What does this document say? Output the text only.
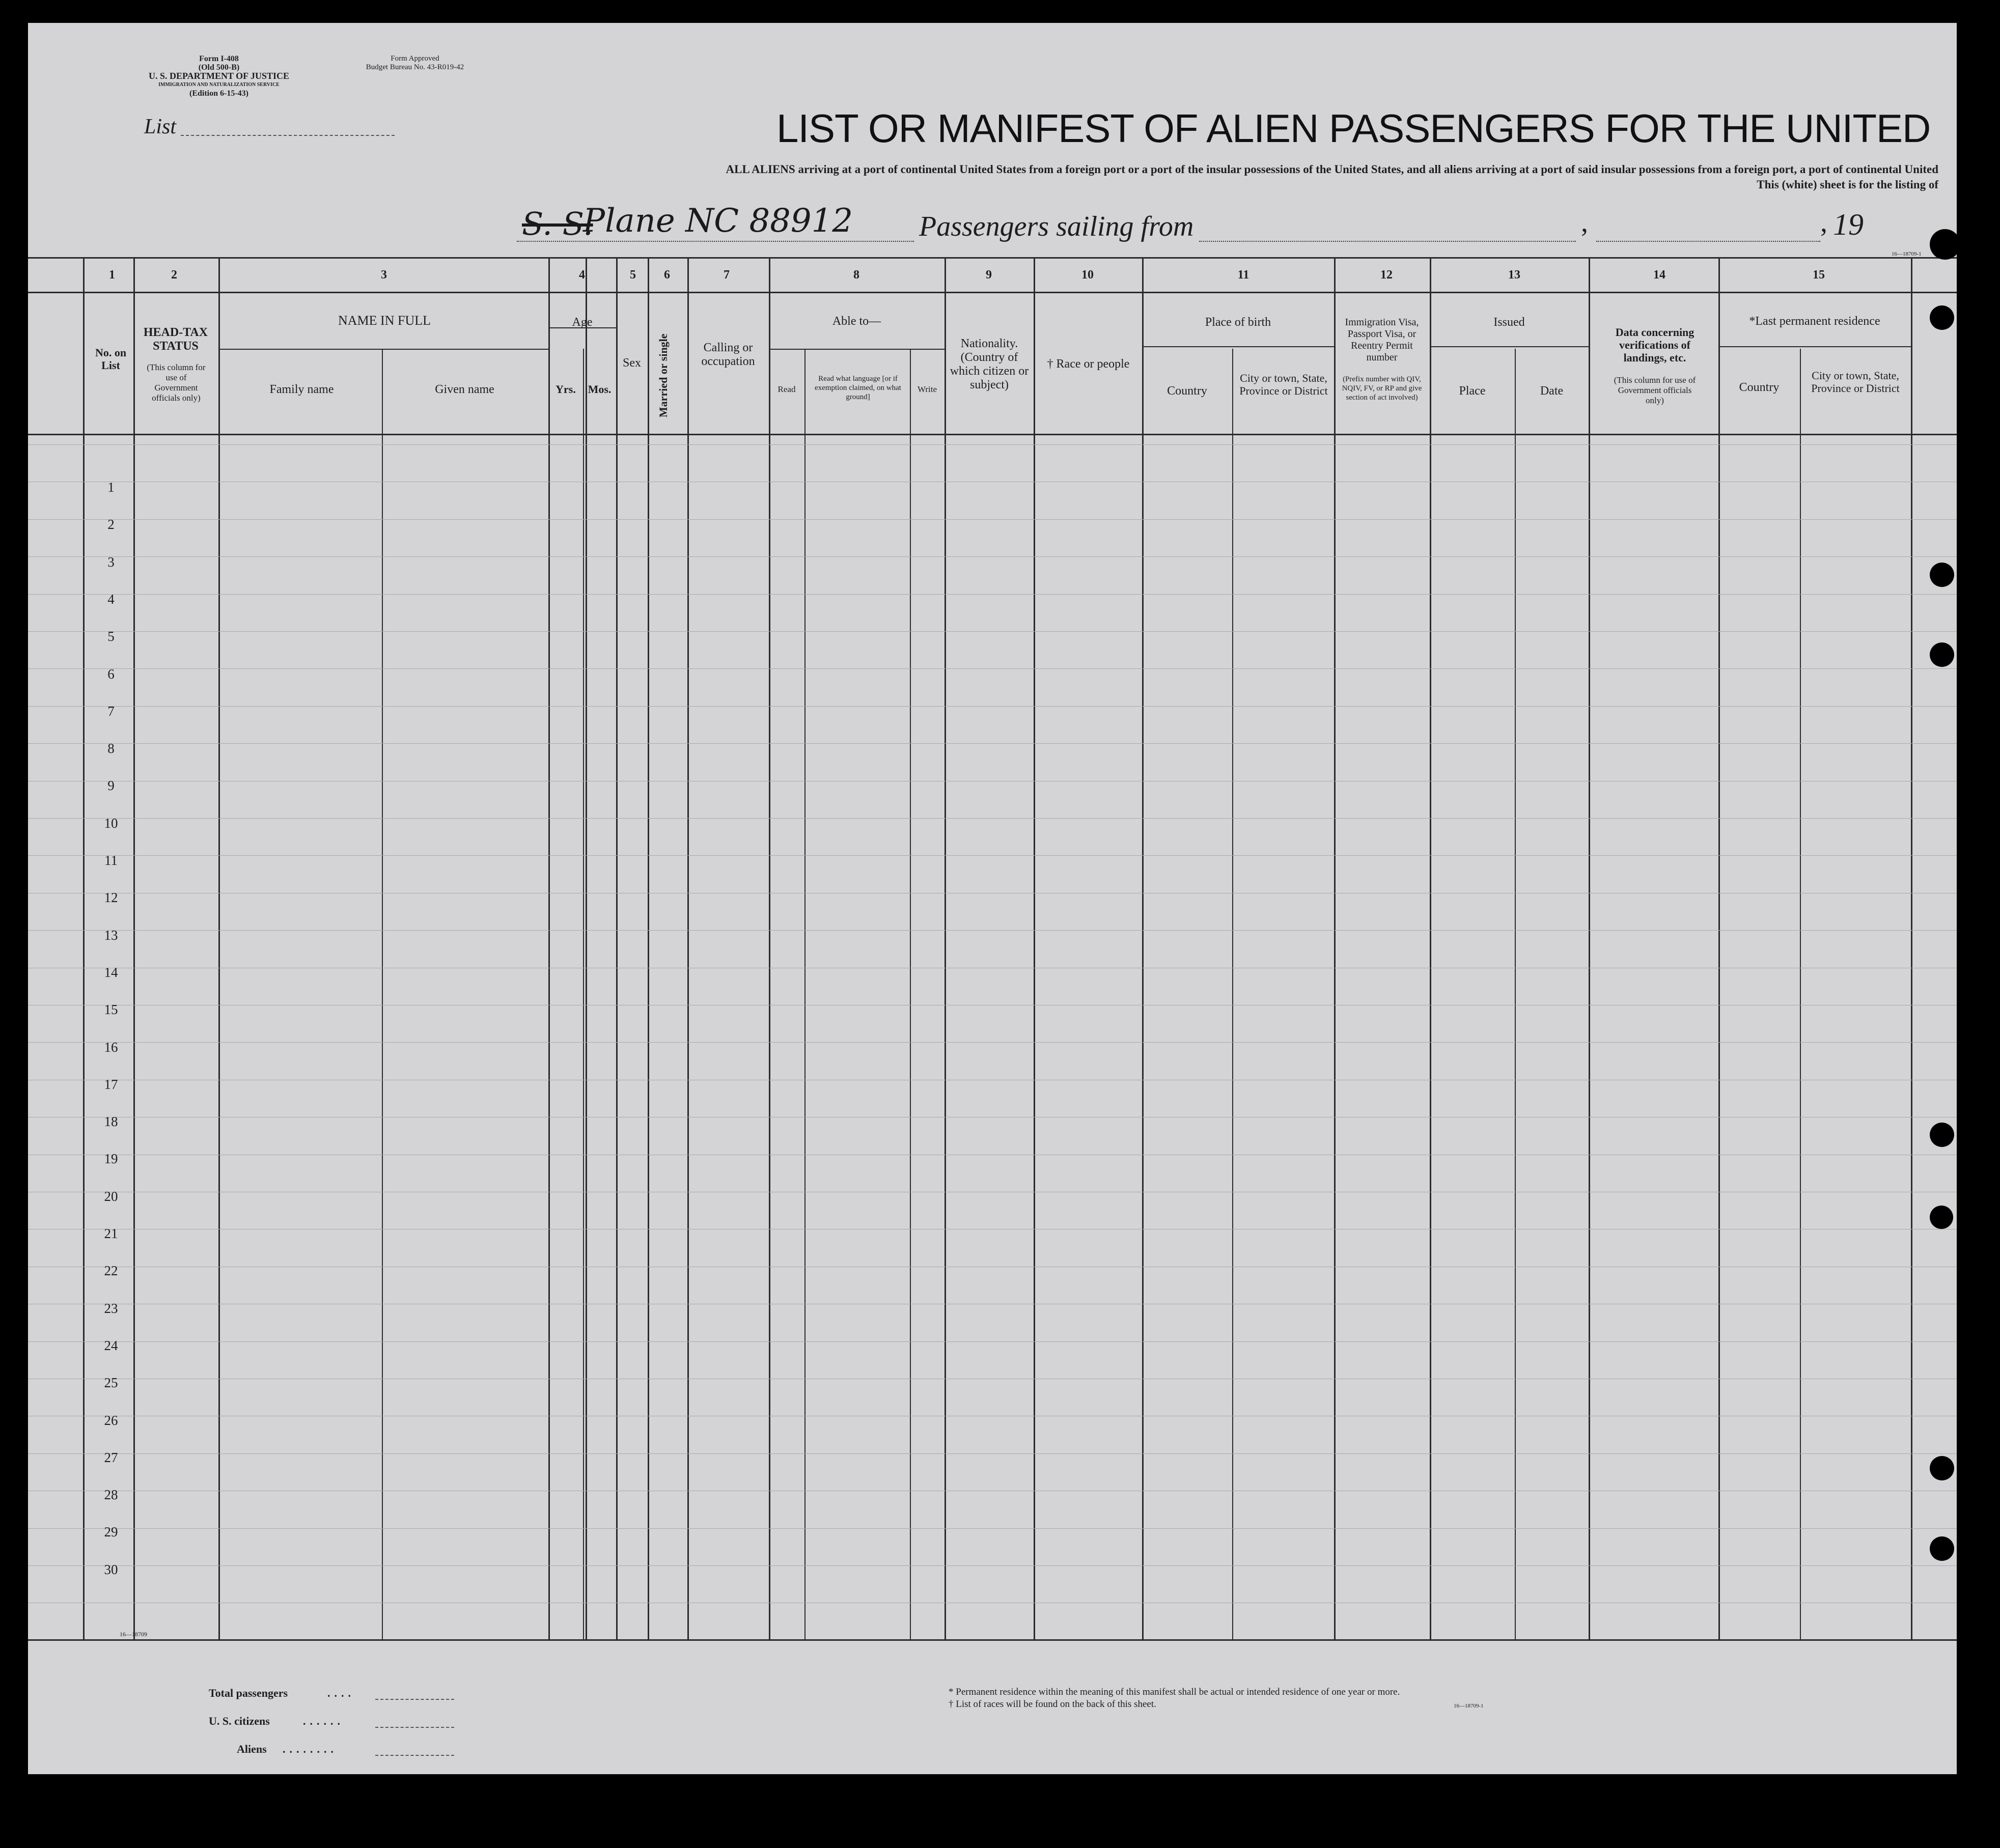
Form I-408
(Old 500-B)
U. S. DEPARTMENT OF JUSTICE
IMMIGRATION AND NATURALIZATION SERVICE
(Edition 6-15-43)
Form Approved
Budget Bureau No. 43-R019-42
List	LIST OR MANIFEST OF ALIEN PASSENGERS FOR THE UNITED
ALL ALIENS arriving at a port of continental United States from a foreign port or a port of the insular possessions of the United States, and all aliens arriving at a port of said insular possessions from a foreign port, a port of continental United
This (white) sheet is for the listing of
S. S.
Plane NC 88912 Passengers sailing from	,	, 19
16—18709-1
1	2	3	4	5 6	7	8	9	10	11	12	13	14	15
No. on List
HEAD-TAX STATUS
(This column for use of Government officials only)
NAME IN FULL
Family name	Given name
Age
Yrs.	Mos.
Sex	Married or single	Calling or occupation
Able to—
Read
Read what language [or if exemption claimed, on what ground]
Write
Nationality. (Country of which citizen or subject)
† Race or people
Place of birth
Country
City or town, State, Province or District
Immigration Visa, Passport Visa, or Reentry Permit number
(Prefix number with QIV, NQIV, FV, or RP and give section of act involved)
Issued
Place	Date
Data concerning verifications of landings, etc.
(This column for use of Government officials only)
*Last permanent residence
Country
City or town, State, Province or District
1
2
3
4
5
6
7
8
9
10
11
12
13
14
15
16
17
18
19
20
21
22
23
24
25
26
27
28
29
30
16—18709
Total passengers	....
U. S. citizens	......
Aliens ........
* Permanent residence within the meaning of this manifest shall be actual or intended residence of one year or more.
† List of races will be found on the back of this sheet.	16—18709-1
